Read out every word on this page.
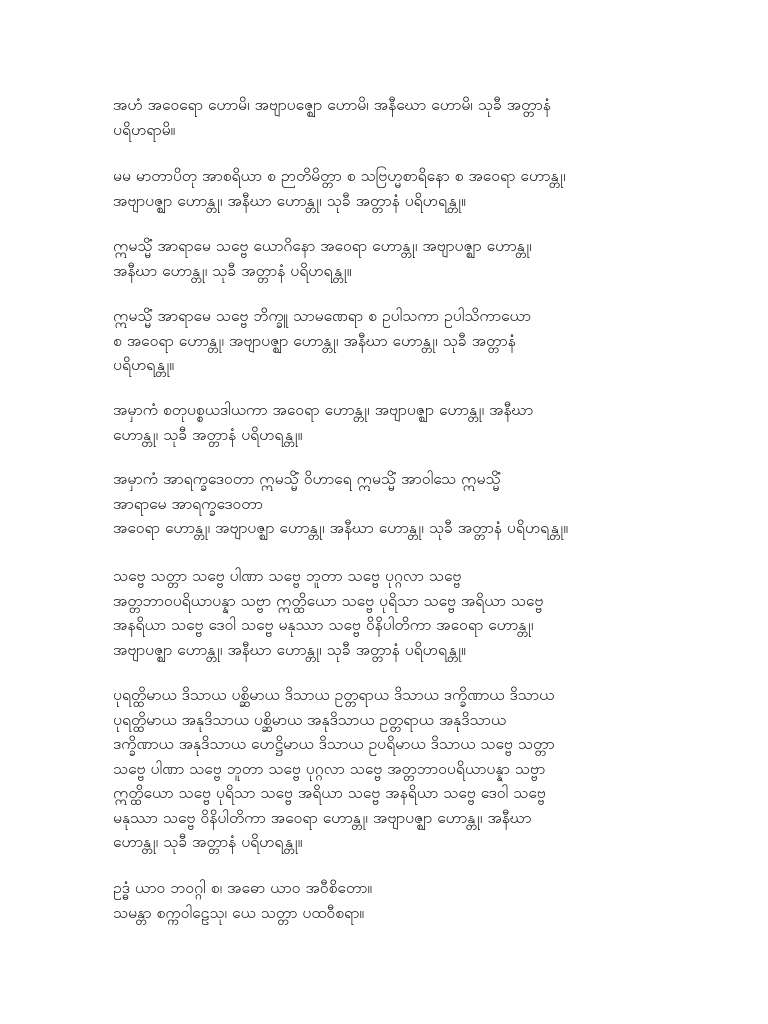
အဟံ အဝေရော ဟောမိ၊ အဗျာပဇ္ဈော ဟောမိ၊ အနီဃော ဟောမိ၊ သုခီ အတ္တာနံ
ပရိဟရာမိ။
မမ မာတာပိတု အာစရိယာ စ ဉာတိမိတ္တာ စ သဗြဟ္မစာရိနော စ အဝေရာ ဟောန္တု၊
အဗျာပဇ္ဈာ ဟောန္တု၊ အနီဃာ ဟောန္တု၊ သုခီ အတ္တာနံ ပရိဟရန္တု။
ဣမသ္မိံ အာရာမေ သဗ္ဗေ ယောဂိနော အဝေရာ ဟောန္တု၊ အဗျာပဇ္ဈာ ဟောန္တု၊
အနီဃာ ဟောန္တု၊ သုခီ အတ္တာနံ ပရိဟရန္တု။
ဣမသ္မိံ အာရာမေ သဗ္ဗေ ဘိက္ခူ သာမဏေရာ စ ဥပါသကာ ဥပါသိကာယော
စ အဝေရာ ဟောန္တု၊ အဗျာပဇ္ဈာ ဟောန္တု၊ အနီဃာ ဟောန္တု၊ သုခီ အတ္တာနံ
ပရိဟရန္တု။
အမှာကံ စတုပစ္စယဒါယကာ အဝေရာ ဟောန္တု၊ အဗျာပဇ္ဈာ ဟောန္တု၊ အနီဃာ
ဟောန္တု၊ သုခီ အတ္တာနံ ပရိဟရန္တု။
အမှာကံ အာရက္ခဒေဝတာ ဣမသ္မိံ ဝိဟာရေ ဣမသ္မိံ အာဝါသေ ဣမသ္မိံ
အာရာမေ အာရက္ခဒေဝတာ
အဝေရာ ဟောန္တု၊ အဗျာပဇ္ဈာ ဟောန္တု၊ အနီဃာ ဟောန္တု၊ သုခီ အတ္တာနံ ပရိဟရန္တု။
သဗ္ဗေ သတ္တာ သဗ္ဗေ ပါဏာ သဗ္ဗေ ဘူတာ သဗ္ဗေ ပုဂ္ဂလာ သဗ္ဗေ
အတ္တဘာဝပရိယာပန္နာ သဗ္ဗာ ဣတ္ထိယော သဗ္ဗေ ပုရိသာ သဗ္ဗေ အရိယာ သဗ္ဗေ
အနရိယာ သဗ္ဗေ ဒေဝါ သဗ္ဗေ မနုဿာ သဗ္ဗေ ဝိနိပါတိကာ အဝေရာ ဟောန္တု၊
အဗျာပဇ္ဈာ ဟောန္တု၊ အနီဃာ ဟောန္တု၊ သုခီ အတ္တာနံ ပရိဟရန္တု။
ပုရတ္ထိမာယ ဒိသာယ ပစ္ဆိမာယ ဒိသာယ ဥတ္တရာယ ဒိသာယ ဒက္ခိဏာယ ဒိသာယ
ပုရတ္ထိမာယ အနုဒိသာယ ပစ္ဆိမာယ အနုဒိသာယ ဥတ္တရာယ အနုဒိသာယ
ဒက္ခိဏာယ အနုဒိသာယ ဟေဋ္ဌိမာယ ဒိသာယ ဥပရိမာယ ဒိသာယ သဗ္ဗေ သတ္တာ
သဗ္ဗေ ပါဏာ သဗ္ဗေ ဘူတာ သဗ္ဗေ ပုဂ္ဂလာ သဗ္ဗေ အတ္တဘာဝပရိယာပန္နာ သဗ္ဗာ
ဣတ္ထိယော သဗ္ဗေ ပုရိသာ သဗ္ဗေ အရိယာ သဗ္ဗေ အနရိယာ သဗ္ဗေ ဒေဝါ သဗ္ဗေ
မနုဿာ သဗ္ဗေ ဝိနိပါတိကာ အဝေရာ ဟောန္တု၊ အဗျာပဇ္ဈာ ဟောန္တု၊ အနီဃာ
ဟောန္တု၊ သုခီ အတ္တာနံ ပရိဟရန္တု။
ဥဒ္ဓံ ယာဝ ဘဝဂ္ဂါ စ၊ အဓော ယာဝ အဝီစိတော။
သမန္တာ စက္ကဝါဠေသု၊ ယေ သတ္တာ ပထဝီစရာ။
